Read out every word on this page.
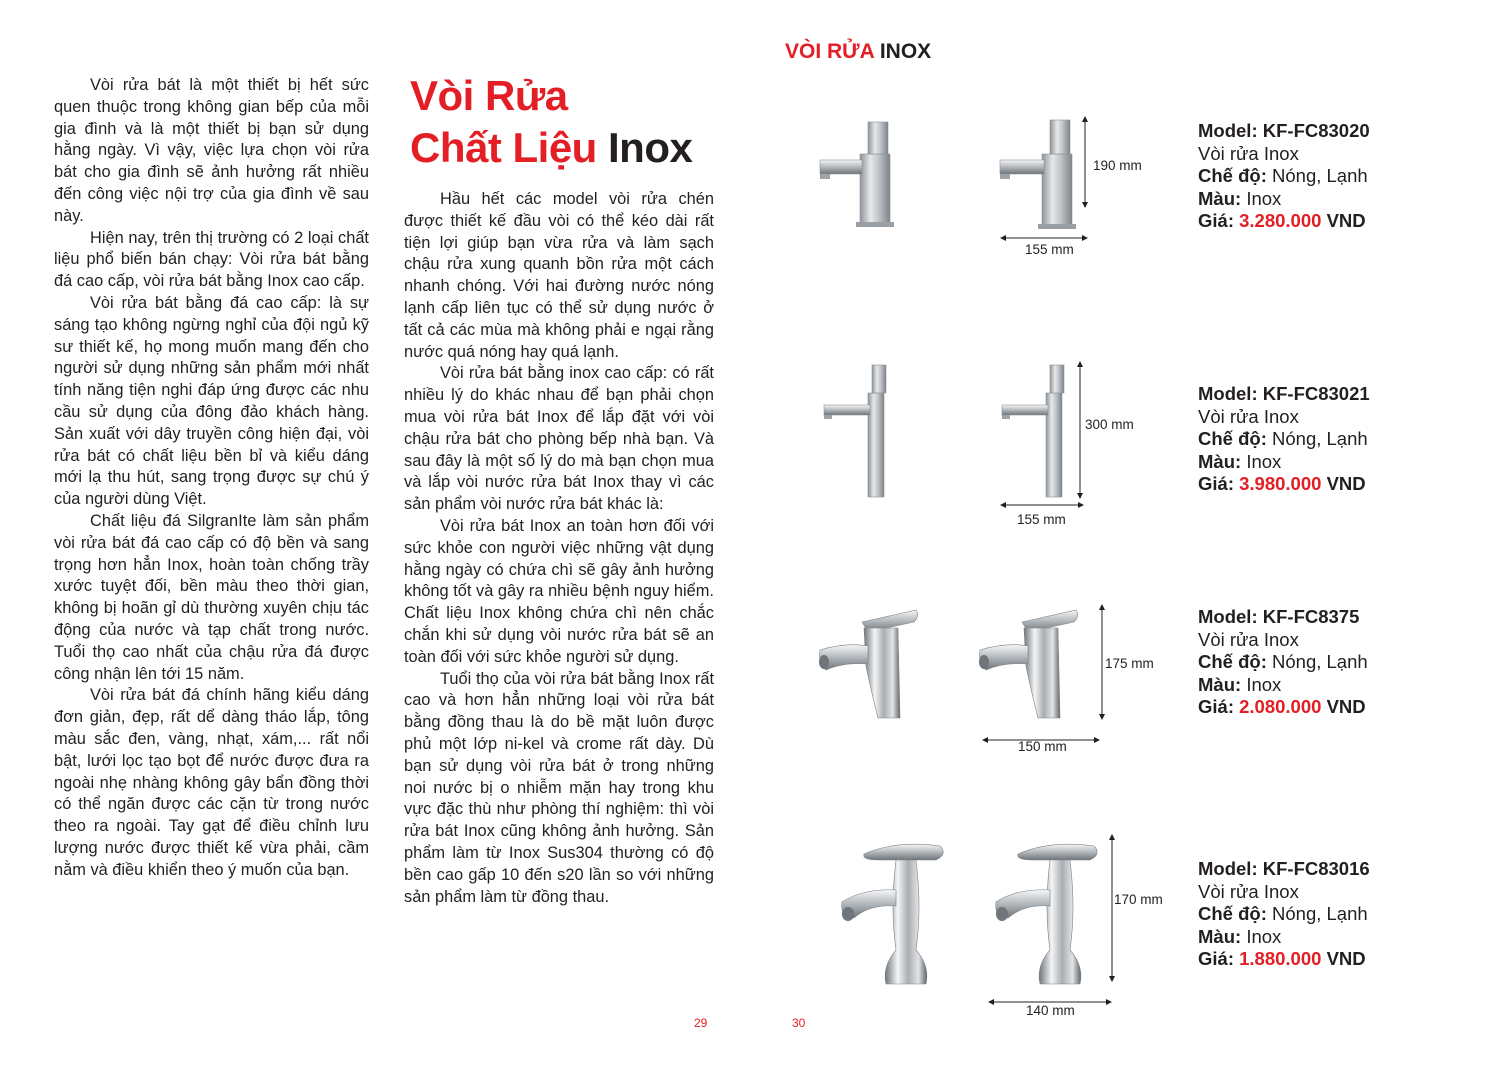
VÒI RỬA INOX

Vòi rửa bát là một thiết bị hết sức quen thuộc trong không gian bếp của mỗi gia đình và là một thiết bị bạn sử dụng hằng ngày. Vì vậy, việc lựa chọn vòi rửa bát cho gia đình sẽ ảnh hưởng rất nhiều đến công việc nội trợ của gia đình về sau này.

Hiện nay, trên thị trường có 2 loại chất liệu phổ biến bán chạy: Vòi rửa bát bằng đá cao cấp, vòi rửa bát bằng Inox cao cấp.

Vòi rửa bát bằng đá cao cấp: là sự sáng tạo không ngừng nghỉ của đội ngủ kỹ sư thiết kế, họ mong muốn mang đến cho người sử dụng những sản phẩm mới nhất tính năng tiện nghi đáp ứng được các nhu cầu sử dụng của đông đảo khách hàng. Sản xuất với dây truyền công hiện đại, vòi rửa bát có chất liệu bền bỉ và kiểu dáng mới lạ thu hút, sang trọng được sự chú ý của người dùng Việt.

Chất liệu đá SilgranIte làm sản phẩm vòi rửa bát đá cao cấp có độ bền và sang trọng hơn hẳn Inox, hoàn toàn chống trầy xước tuyệt đối, bền màu theo thời gian, không bị hoãn gỉ dù thường xuyên chịu tác động của nước và tạp chất trong nước. Tuổi thọ cao nhất của chậu rửa đá được công nhận lên tới 15 năm.

Vòi rửa bát đá chính hãng kiểu dáng đơn giản, đẹp, rất dể dàng tháo lắp, tông màu sắc đen, vàng, nhạt, xám,... rất nổi bật, lưới lọc tạo bọt để nước được đưa ra ngoài nhẹ nhàng không gây bẩn đồng thời có thể ngăn được các cặn từ trong nước theo ra ngoài. Tay gạt để điều chỉnh lưu lượng nước được thiết kế vừa phải, cầm nằm và điều khiển theo ý muốn của bạn.

Vòi Rửa
Chất Liệu Inox

Hầu hết các model vòi rửa chén được thiết kế đầu vòi có thể kéo dài rất tiện lợi giúp bạn vừa rửa và làm sạch chậu rửa xung quanh bồn rửa một cách nhanh chóng. Với hai đường nước nóng lạnh cấp liên tục có thể sử dụng nước ở tất cả các mùa mà không phải e ngại rằng nước quá nóng hay quá lạnh.

Vòi rửa bát bằng inox cao cấp: có rất nhiều lý do khác nhau để bạn phải chọn mua vòi rửa bát Inox để lắp đặt với vòi chậu rửa bát cho phòng bếp nhà bạn. Và sau đây là một số lý do mà bạn chọn mua và lắp vòi nước rửa bát Inox thay vì các sản phẩm vòi nước rửa bát khác là:

Vòi rửa bát Inox an toàn hơn đối với sức khỏe con người việc những vật dụng hằng ngày có chứa chì sẽ gây ảnh hưởng không tốt và gây ra nhiều bệnh nguy hiểm. Chất liệu Inox không chứa chì nên chắc chắn khi sử dụng vòi nước rửa bát sẽ an toàn đối với sức khỏe người sử dụng.

Tuổi thọ của vòi rửa bát bằng Inox rất cao và hơn hẳn những loại vòi rửa bát bằng đồng thau là do bề mặt luôn được phủ một lớp ni-kel và crome rất dày. Dù bạn sử dụng vòi rửa bát ở trong những noi nước bị o nhiễm mặn hay trong khu vực đặc thù như phòng thí nghiệm: thì vòi rửa bát Inox cũng không ảnh hưởng. Sản phẩm làm từ Inox Sus304 thường có độ bền cao gấp 10 đến s20 lần so với những sản phẩm làm từ đồng thau.

190 mm
155 mm
Model: KF-FC83020
Vòi rửa Inox
Chế độ: Nóng, Lạnh
Màu: Inox
Giá: 3.280.000 VND
300 mm
155 mm
Model: KF-FC83021
Vòi rửa Inox
Chế độ: Nóng, Lạnh
Màu: Inox
Giá: 3.980.000 VND
175 mm
150 mm
Model: KF-FC8375
Vòi rửa Inox
Chế độ: Nóng, Lạnh
Màu: Inox
Giá: 2.080.000 VND
170 mm
140 mm
Model: KF-FC83016
Vòi rửa Inox
Chế độ: Nóng, Lạnh
Màu: Inox
Giá: 1.880.000 VND
29	30
